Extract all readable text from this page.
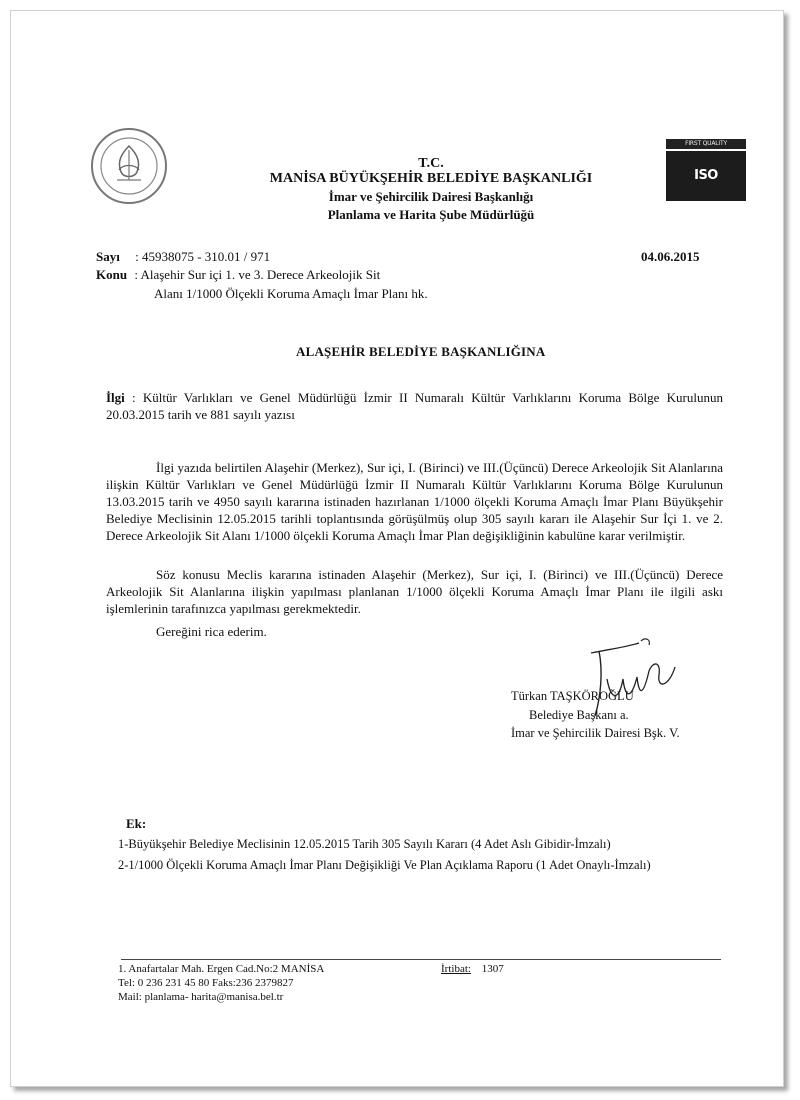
FIRST QUALITY
ISO 9001:2008
T.C.
MANİSA BÜYÜKŞEHİR BELEDİYE BAŞKANLIĞI
İmar ve Şehircilik Dairesi Başkanlığı
Planlama ve Harita Şube Müdürlüğü
Sayı : 45938075 - 310.01 / 971
Konu : Alaşehir Sur içi 1. ve 3. Derece Arkeolojik Sit
Alanı 1/1000 Ölçekli Koruma Amaçlı İmar Planı hk.
04.06.2015
ALAŞEHİR BELEDİYE BAŞKANLIĞINA
İlgi : Kültür Varlıkları ve Genel Müdürlüğü İzmir II Numaralı Kültür Varlıklarını Koruma Bölge Kurulunun 20.03.2015 tarih ve 881 sayılı yazısı
İlgi yazıda belirtilen Alaşehir (Merkez), Sur içi, I. (Birinci) ve III.(Üçüncü) Derece Arkeolojik Sit Alanlarına ilişkin Kültür Varlıkları ve Genel Müdürlüğü İzmir II Numaralı Kültür Varlıklarını Koruma Bölge Kurulunun 13.03.2015 tarih ve 4950 sayılı kararına istinaden hazırlanan 1/1000 ölçekli Koruma Amaçlı İmar Planı Büyükşehir Belediye Meclisinin 12.05.2015 tarihli toplantısında görüşülmüş olup 305 sayılı kararı ile Alaşehir Sur İçi 1. ve 2. Derece Arkeolojik Sit Alanı 1/1000 ölçekli Koruma Amaçlı İmar Plan değişikliğinin kabulüne karar verilmiştir.
Söz konusu Meclis kararına istinaden Alaşehir (Merkez), Sur içi, I. (Birinci) ve III.(Üçüncü) Derece Arkeolojik Sit Alanlarına ilişkin yapılması planlanan 1/1000 ölçekli Koruma Amaçlı İmar Planı ile ilgili askı işlemlerinin tarafınızca yapılması gerekmektedir.
Gereğini rica ederim.
Türkan TAŞKÖROĞLU
Belediye Başkanı a.
İmar ve Şehircilik Dairesi Bşk. V.
Ek:
1-Büyükşehir Belediye Meclisinin 12.05.2015 Tarih 305 Sayılı Kararı (4 Adet Aslı Gibidir-İmzalı)
2-1/1000 Ölçekli Koruma Amaçlı İmar Planı Değişikliği Ve Plan Açıklama Raporu (1 Adet Onaylı-İmzalı)
1. Anafartalar Mah. Ergen Cad.No:2 MANİSA	İrtibat: 1307
Tel: 0 236 231 45 80 Faks:236 2379827
Mail: planlama- harita@manisa.bel.tr
